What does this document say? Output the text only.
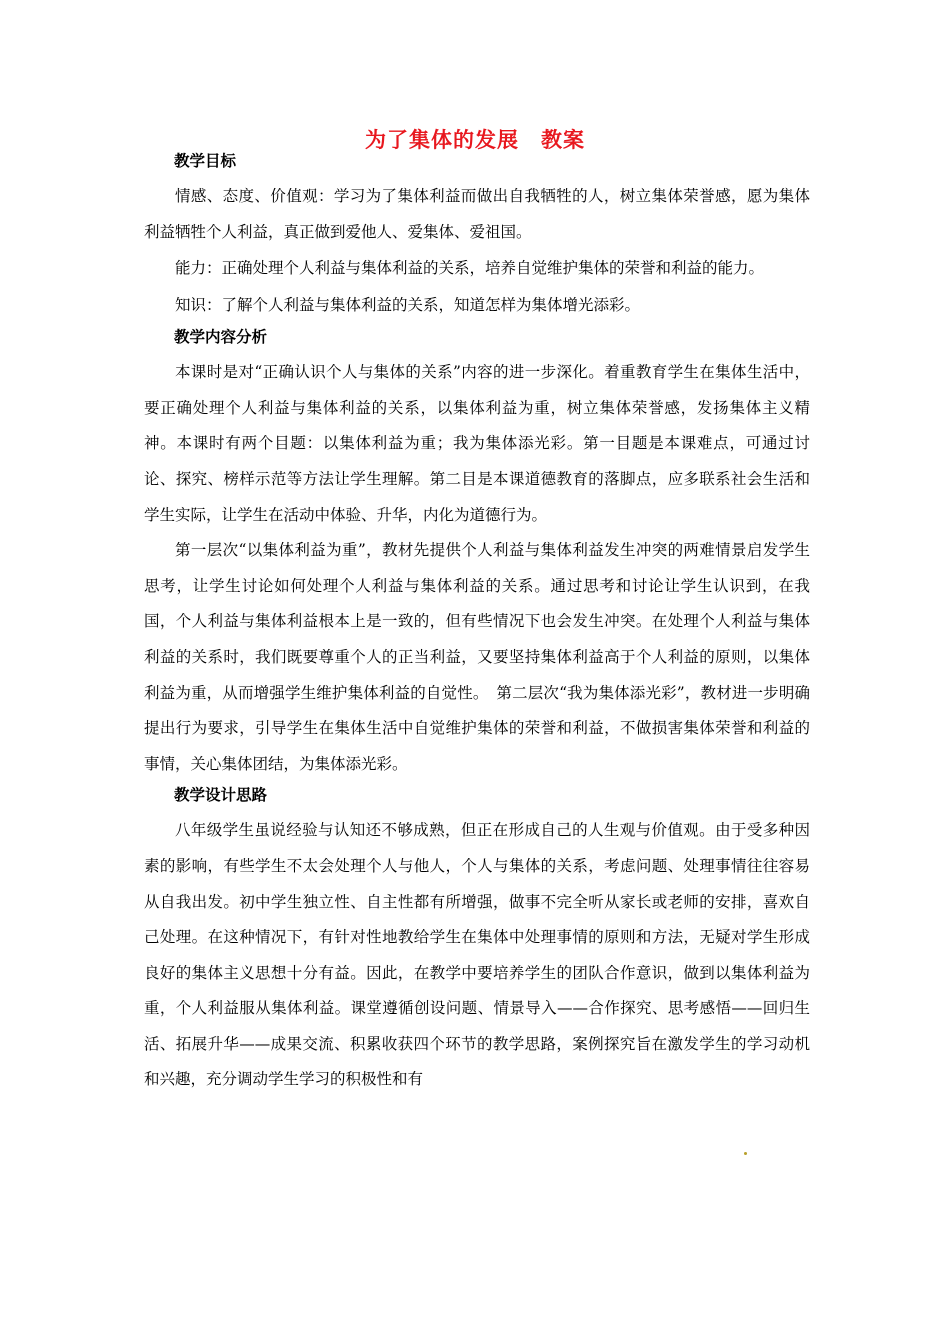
为了集体的发展　教案
教学目标

情感、态度、价值观：学习为了集体利益而做出自我牺牲的人，树立集体荣誉感，愿为集体利益牺牲个人利益，真正做到爱他人、爱集体、爱祖国。

能力：正确处理个人利益与集体利益的关系，培养自觉维护集体的荣誉和利益的能力。

知识：了解个人利益与集体利益的关系，知道怎样为集体增光添彩。

教学内容分析

本课时是对“正确认识个人与集体的关系”内容的进一步深化。着重教育学生在集体生活中，要正确处理个人利益与集体利益的关系，以集体利益为重，树立集体荣誉感，发扬集体主义精神。本课时有两个目题：以集体利益为重；我为集体添光彩。第一目题是本课难点，可通过讨论、探究、榜样示范等方法让学生理解。第二目是本课道德教育的落脚点，应多联系社会生活和学生实际，让学生在活动中体验、升华，内化为道德行为。

第一层次“以集体利益为重”，教材先提供个人利益与集体利益发生冲突的两难情景启发学生思考，让学生讨论如何处理个人利益与集体利益的关系。通过思考和讨论让学生认识到，在我国，个人利益与集体利益根本上是一致的，但有些情况下也会发生冲突。在处理个人利益与集体利益的关系时，我们既要尊重个人的正当利益，又要坚持集体利益高于个人利益的原则，以集体利益为重，从而增强学生维护集体利益的自觉性。　第二层次“我为集体添光彩”，教材进一步明确提出行为要求，引导学生在集体生活中自觉维护集体的荣誉和利益，不做损害集体荣誉和利益的事情，关心集体团结，为集体添光彩。

教学设计思路

八年级学生虽说经验与认知还不够成熟，但正在形成自己的人生观与价值观。由于受多种因素的影响，有些学生不太会处理个人与他人，个人与集体的关系，考虑问题、处理事情往往容易从自我出发。初中学生独立性、自主性都有所增强，做事不完全听从家长或老师的安排，喜欢自己处理。在这种情况下，有针对性地教给学生在集体中处理事情的原则和方法，无疑对学生形成良好的集体主义思想十分有益。因此，在教学中要培养学生的团队合作意识，做到以集体利益为重，个人利益服从集体利益。课堂遵循创设问题、情景导入——合作探究、思考感悟——回归生活、拓展升华——成果交流、积累收获四个环节的教学思路，案例探究旨在激发学生的学习动机和兴趣，充分调动学生学习的积极性和有
